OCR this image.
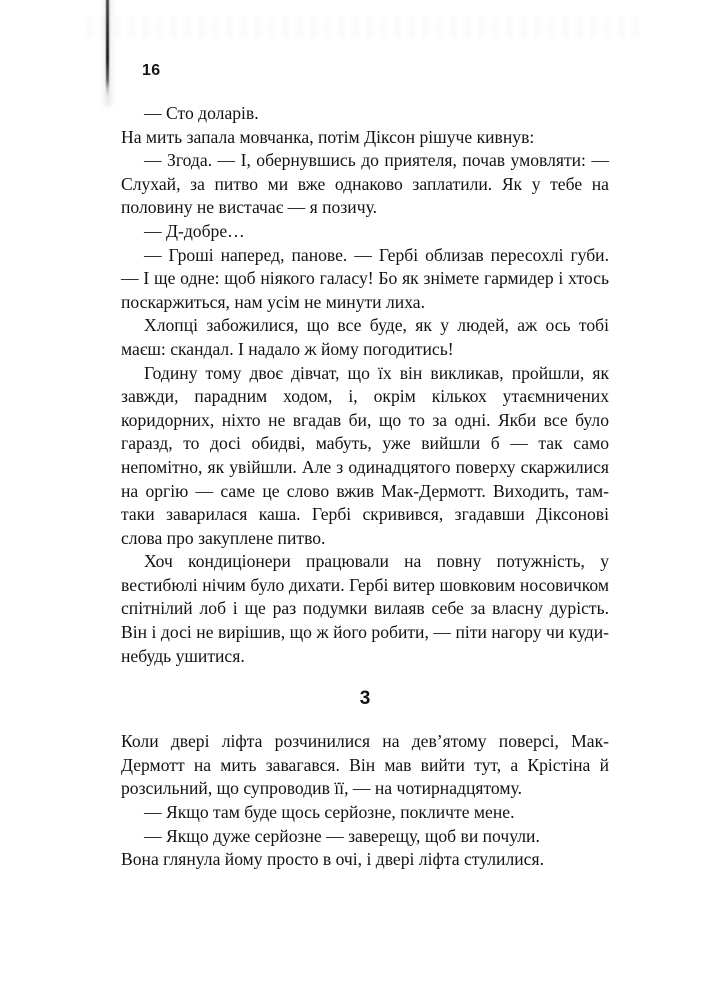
16

— Сто доларів.

На мить запала мовчанка, потім Діксон рішуче кивнув:

— Згода. — І, обернувшись до приятеля, почав умовляти: — Слухай, за питво ми вже однаково заплатили. Як у тебе на половину не вистачає — я позичу.

— Д-добре…

— Гроші наперед, панове. — Гербі облизав пересохлі губи. — І ще одне: щоб ніякого галасу! Бо як знімете гармидер і хтось поскаржиться, нам усім не минути лиха.

Хлопці забожилися, що все буде, як у людей, аж ось тобі маєш: скандал. І надало ж йому погодитись!

Годину тому двоє дівчат, що їх він викликав, пройшли, як завжди, парадним ходом, і, окрім кількох утаємничених коридорних, ніхто не вгадав би, що то за одні. Якби все було гаразд, то досі обидві, мабуть, уже вийшли б — так само непомітно, як увійшли. Але з одинадцятого поверху скаржилися на оргію — саме це слово вжив Мак-Дермотт. Виходить, там-таки заварилася каша. Гербі скривився, згадавши Діксонові слова про закуплене питво.

Хоч кондиціонери працювали на повну потужність, у вестибюлі нічим було дихати. Гербі витер шовковим носовичком спітнілий лоб і ще раз подумки вилаяв себе за власну дурість. Він і досі не вирішив, що ж його робити, — піти нагору чи куди-небудь ушитися.

3

Коли двері ліфта розчинилися на дев’ятому поверсі, Мак-Дермотт на мить завагався. Він мав вийти тут, а Крістіна й розсильний, що супроводив її, — на чотирнадцятому.

— Якщо там буде щось серйозне, покличте мене.

— Якщо дуже серйозне — заверещу, щоб ви почули.

Вона глянула йому просто в очі, і двері ліфта стулилися.
